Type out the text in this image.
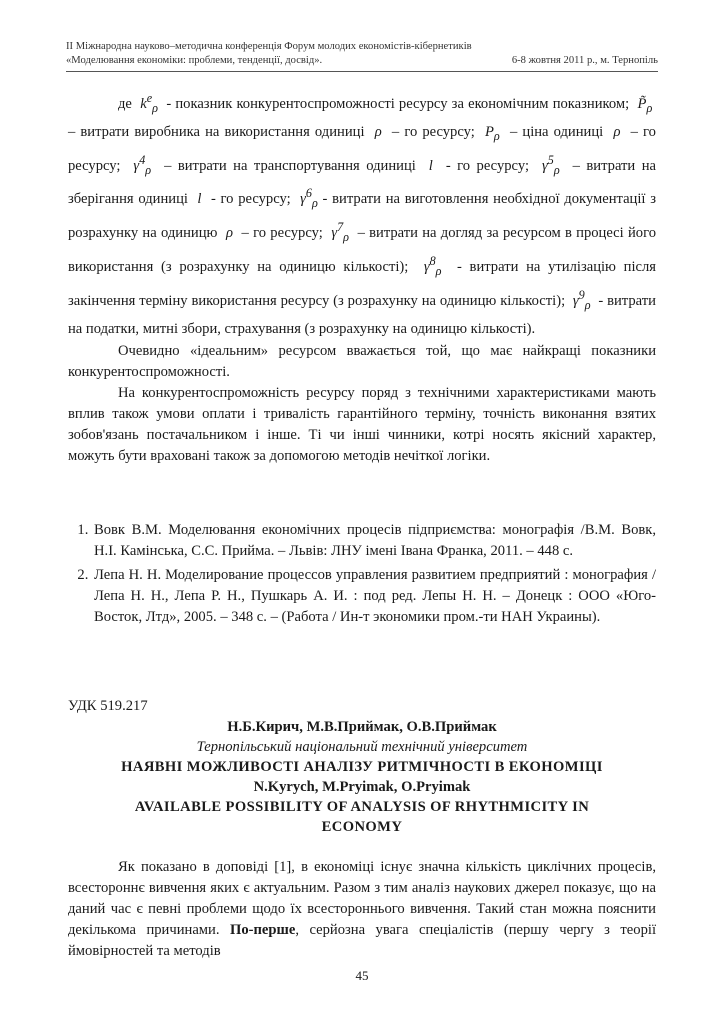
ІІ Міжнародна науково–методична конференція Форум молодих економістів-кібернетиків
«Моделювання економіки: проблеми, тенденції, досвід».	6-8 жовтня 2011 р., м. Тернопіль

де  $k^e_\rho$ - показник конкурентоспроможності ресурсу за економічним показником;  $P̃_\rho$  – витрати виробника на використання одиниці  ρ  – го ресурсу;  $P_\rho$ – ціна одиниці  ρ  – го ресурсу;  $\gamma^4_\rho$ – витрати на транспортування одиниці  l  - го ресурсу;  $\gamma^5_\rho$ – витрати на зберігання одиниці  l  - го ресурсу;  $\gamma^6_\rho$ - витрати на виготовлення необхідної документації з розрахунку на одиницю  ρ  – го ресурсу;  $\gamma^7_\rho$ – витрати на догляд за ресурсом в процесі його використання (з розрахунку на одиницю кількості);  $\gamma^8_\rho$ - витрати на утилізацію після закінчення терміну використання ресурсу (з розрахунку на одиницю кількості);  $\gamma^9_\rho$ - витрати на податки, митні збори, страхування (з розрахунку на одиницю кількості).

Очевидно «ідеальним» ресурсом вважається той, що має найкращі показники конкурентоспроможності.

На конкурентоспроможність ресурсу поряд з технічними характеристиками мають вплив також умови оплати і тривалість гарантійного терміну, точність виконання взятих зобов'язань постачальником і інше. Ті чи інші чинники, котрі носять якісний характер, можуть бути враховані також за допомогою методів нечіткої логіки.

1. Вовк В.М. Моделювання економічних процесів підприємства: монографія /В.М. Вовк, Н.І. Камінська, С.С. Прийма. – Львів: ЛНУ імені Івана Франка, 2011. – 448 с.
2. Лепа Н. Н. Моделирование процессов управления развитием предприятий : монография / Лепа Н. Н., Лепа Р. Н., Пушкарь А. И. : под ред. Лепы Н. Н. – Донецк : ООО «Юго-Восток, Лтд», 2005. – 348 с. – (Работа / Ин-т экономики пром.-ти НАН Украины).
УДК 519.217
Н.Б.Кирич, М.В.Приймак, О.В.Приймак
Тернопільський національний технічний університет
НАЯВНІ МОЖЛИВОСТІ АНАЛІЗУ РИТМІЧНОСТІ В ЕКОНОМІЦІ
N.Kyrych, M.Pryimak, O.Pryimak
AVAILABLE POSSIBILITY OF ANALYSIS OF RHYTHMICITY IN
ECONOMY

Як показано в доповіді [1], в економіці існує значна кількість циклічних процесів, всестороннє вивчення яких є актуальним. Разом з тим аналіз наукових джерел показує, що на даний час є певні проблеми щодо їх всестороннього вивчення. Такий стан можна пояснити декількома причинами. По-перше, серйозна увага спеціалістів (першу чергу з теорії ймовірностей та методів

45
